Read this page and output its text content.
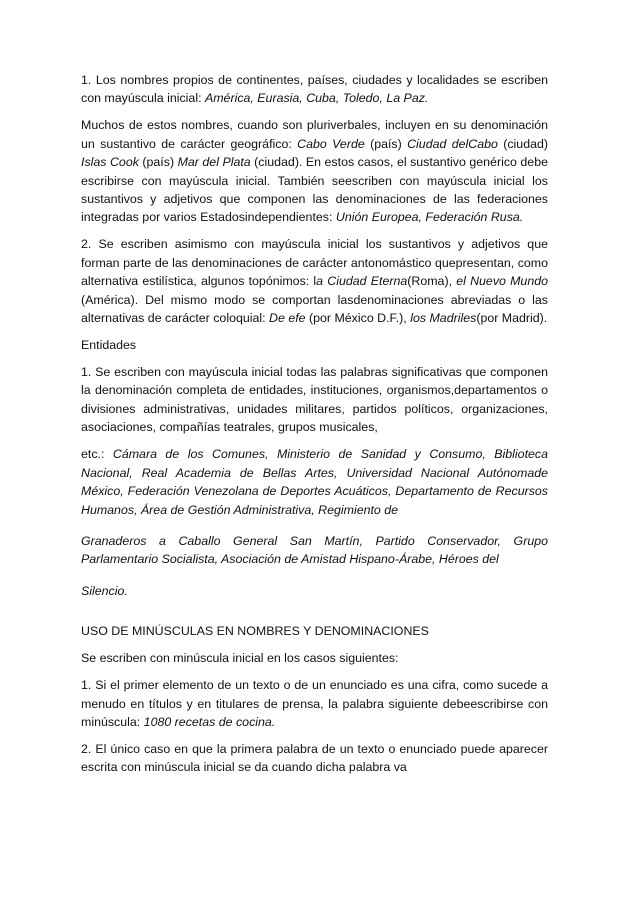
1. Los nombres propios de continentes, países, ciudades y localidades se escriben con mayúscula inicial: América, Eurasia, Cuba, Toledo, La Paz.

Muchos de estos nombres, cuando son pluriverbales, incluyen en su denominación un sustantivo de carácter geográfico: Cabo Verde (país) Ciudad delCabo (ciudad) Islas Cook (país) Mar del Plata (ciudad). En estos casos, el sustantivo genérico debe escribirse con mayúscula inicial. También seescriben con mayúscula inicial los sustantivos y adjetivos que componen las denominaciones de las federaciones integradas por varios Estadosindependientes: Unión Europea, Federación Rusa.

2. Se escriben asimismo con mayúscula inicial los sustantivos y adjetivos que forman parte de las denominaciones de carácter antonomástico quepresentan, como alternativa estilística, algunos topónimos: la Ciudad Eterna(Roma), el Nuevo Mundo (América). Del mismo modo se comportan lasdenominaciones abreviadas o las alternativas de carácter coloquial: De efe (por México D.F.), los Madriles(por Madrid).

Entidades

1. Se escriben con mayúscula inicial todas las palabras significativas que componen la denominación completa de entidades, instituciones, organismos,departamentos o divisiones administrativas, unidades militares, partidos políticos, organizaciones, asociaciones, compañías teatrales, grupos musicales,

etc.: Cámara de los Comunes, Ministerio de Sanidad y Consumo, Biblioteca Nacional, Real Academia de Bellas Artes, Universidad Nacional Autónomade México, Federación Venezolana de Deportes Acuáticos, Departamento de Recursos Humanos, Área de Gestión Administrativa, Regimiento de

Granaderos a Caballo General San Martín, Partido Conservador, Grupo Parlamentario Socialista, Asociación de Amistad Hispano-Árabe, Héroes del

Silencio.

USO DE MINÚSCULAS EN NOMBRES Y DENOMINACIONES

Se escriben con minúscula inicial en los casos siguientes:

1. Si el primer elemento de un texto o de un enunciado es una cifra, como sucede a menudo en títulos y en titulares de prensa, la palabra siguiente debeescribirse con minúscula: 1080 recetas de cocina.

2. El único caso en que la primera palabra de un texto o enunciado puede aparecer escrita con minúscula inicial se da cuando dicha palabra va
